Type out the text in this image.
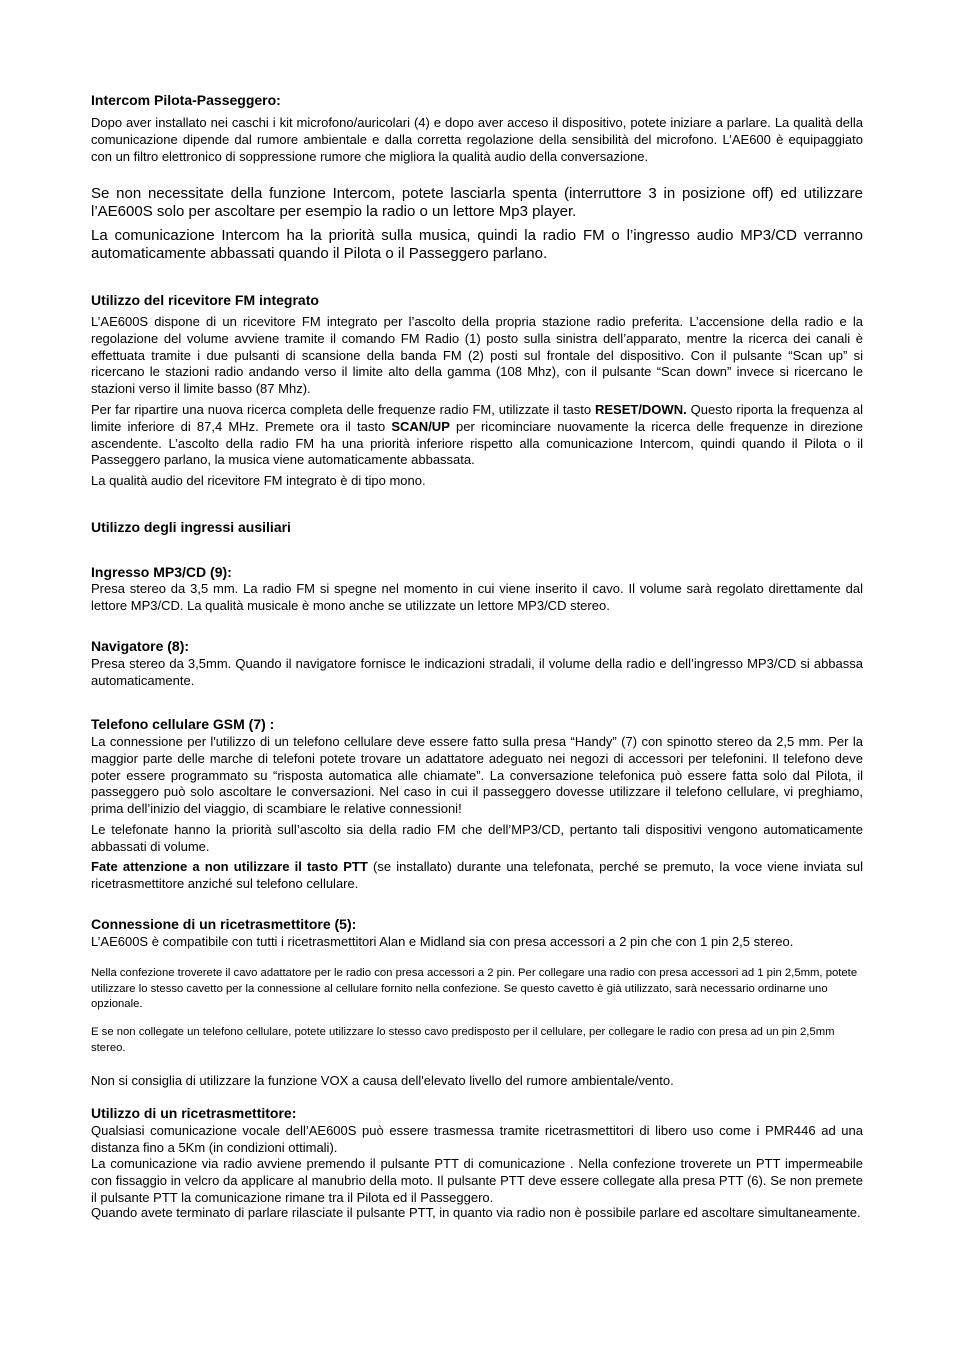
Intercom Pilota-Passeggero:
Dopo aver installato nei caschi i kit microfono/auricolari (4) e dopo aver acceso il dispositivo, potete iniziare a parlare. La qualità della comunicazione dipende dal rumore ambientale e dalla corretta regolazione della sensibilità del microfono. L’AE600 è equipaggiato con un filtro elettronico di soppressione rumore che migliora la qualità audio della conversazione.
Se non necessitate della funzione Intercom, potete lasciarla spenta (interruttore 3 in posizione off) ed utilizzare l’AE600S solo per ascoltare per esempio la radio o un lettore Mp3 player.
La comunicazione Intercom ha la priorità sulla musica, quindi la radio FM o l’ingresso audio MP3/CD verranno automaticamente abbassati quando il Pilota o il Passeggero parlano.
Utilizzo del ricevitore FM integrato
L’AE600S dispone di un ricevitore FM integrato per l’ascolto della propria stazione radio preferita. L’accensione della radio e la regolazione del volume avviene tramite il comando FM Radio (1) posto sulla sinistra dell’apparato, mentre la ricerca dei canali è effettuata tramite i due pulsanti di scansione della banda FM (2) posti sul frontale del dispositivo. Con il pulsante “Scan up” si ricercano le stazioni radio andando verso il limite alto della gamma (108 Mhz), con il pulsante “Scan down” invece si ricercano le stazioni verso il limite basso (87 Mhz).
Per far ripartire una nuova ricerca completa delle frequenze radio FM, utilizzate il tasto RESET/DOWN. Questo riporta la frequenza al limite inferiore di 87,4 MHz. Premete ora il tasto SCAN/UP per ricominciare nuovamente la ricerca delle frequenze in direzione ascendente. L’ascolto della radio FM ha una priorità inferiore rispetto alla comunicazione Intercom, quindi quando il Pilota o il Passeggero parlano, la musica viene automaticamente abbassata.
La qualità audio del ricevitore FM integrato è di tipo mono.
Utilizzo degli ingressi ausiliari
Ingresso MP3/CD (9):
Presa stereo da 3,5 mm. La radio FM si spegne nel momento in cui viene inserito il cavo. Il volume sarà regolato direttamente dal lettore MP3/CD. La qualità musicale è mono anche se utilizzate un lettore MP3/CD stereo.
Navigatore (8):
Presa stereo da 3,5mm. Quando il navigatore fornisce le indicazioni stradali, il volume della radio e dell’ingresso MP3/CD si abbassa automaticamente.
Telefono cellulare GSM (7) :
La connessione per l'utilizzo di un telefono cellulare deve essere fatto sulla presa “Handy” (7) con spinotto stereo da 2,5 mm. Per la maggior parte delle marche di telefoni potete trovare un adattatore adeguato nei negozi di accessori per telefonini. Il telefono deve poter essere programmato su “risposta automatica alle chiamate”. La conversazione telefonica può essere fatta solo dal Pilota, il passeggero può solo ascoltare le conversazioni. Nel caso in cui il passeggero dovesse utilizzare il telefono cellulare, vi preghiamo, prima dell’inizio del viaggio, di scambiare le relative connessioni!
Le telefonate hanno la priorità sull’ascolto sia della radio FM che dell’MP3/CD, pertanto tali dispositivi vengono automaticamente abbassati di volume.
Fate attenzione a non utilizzare il tasto PTT (se installato) durante una telefonata, perché se premuto, la voce viene inviata sul ricetrasmettitore anziché sul telefono cellulare.
Connessione di un ricetrasmettitore (5):
L’AE600S è compatibile con tutti i ricetrasmettitori Alan e Midland sia con presa accessori a 2 pin che con 1 pin 2,5 stereo.
Nella confezione troverete il cavo adattatore per le radio con presa accessori a 2 pin. Per collegare una radio con presa accessori ad 1 pin 2,5mm, potete utilizzare lo stesso cavetto per la connessione al cellulare fornito nella confezione. Se questo cavetto è già utilizzato, sarà necessario ordinarne uno opzionale.
E se non collegate un telefono cellulare, potete utilizzare lo stesso cavo predisposto per il cellulare, per collegare le radio con presa ad un pin 2,5mm stereo.
Non si consiglia di utilizzare la funzione VOX a causa dell'elevato livello del rumore ambientale/vento.
Utilizzo di un ricetrasmettitore:
Qualsiasi comunicazione vocale dell’AE600S può essere trasmessa tramite ricetrasmettitori di libero uso come i PMR446 ad una distanza fino a 5Km (in condizioni ottimali).
La comunicazione via radio avviene premendo il pulsante PTT di comunicazione . Nella confezione troverete un PTT impermeabile con fissaggio in velcro da applicare al manubrio della moto. Il pulsante PTT deve essere collegate alla presa PTT (6). Se non premete il pulsante PTT la comunicazione rimane tra il Pilota ed il Passeggero.
Quando avete terminato di parlare rilasciate il pulsante PTT, in quanto via radio non è possibile parlare ed ascoltare simultaneamente.
